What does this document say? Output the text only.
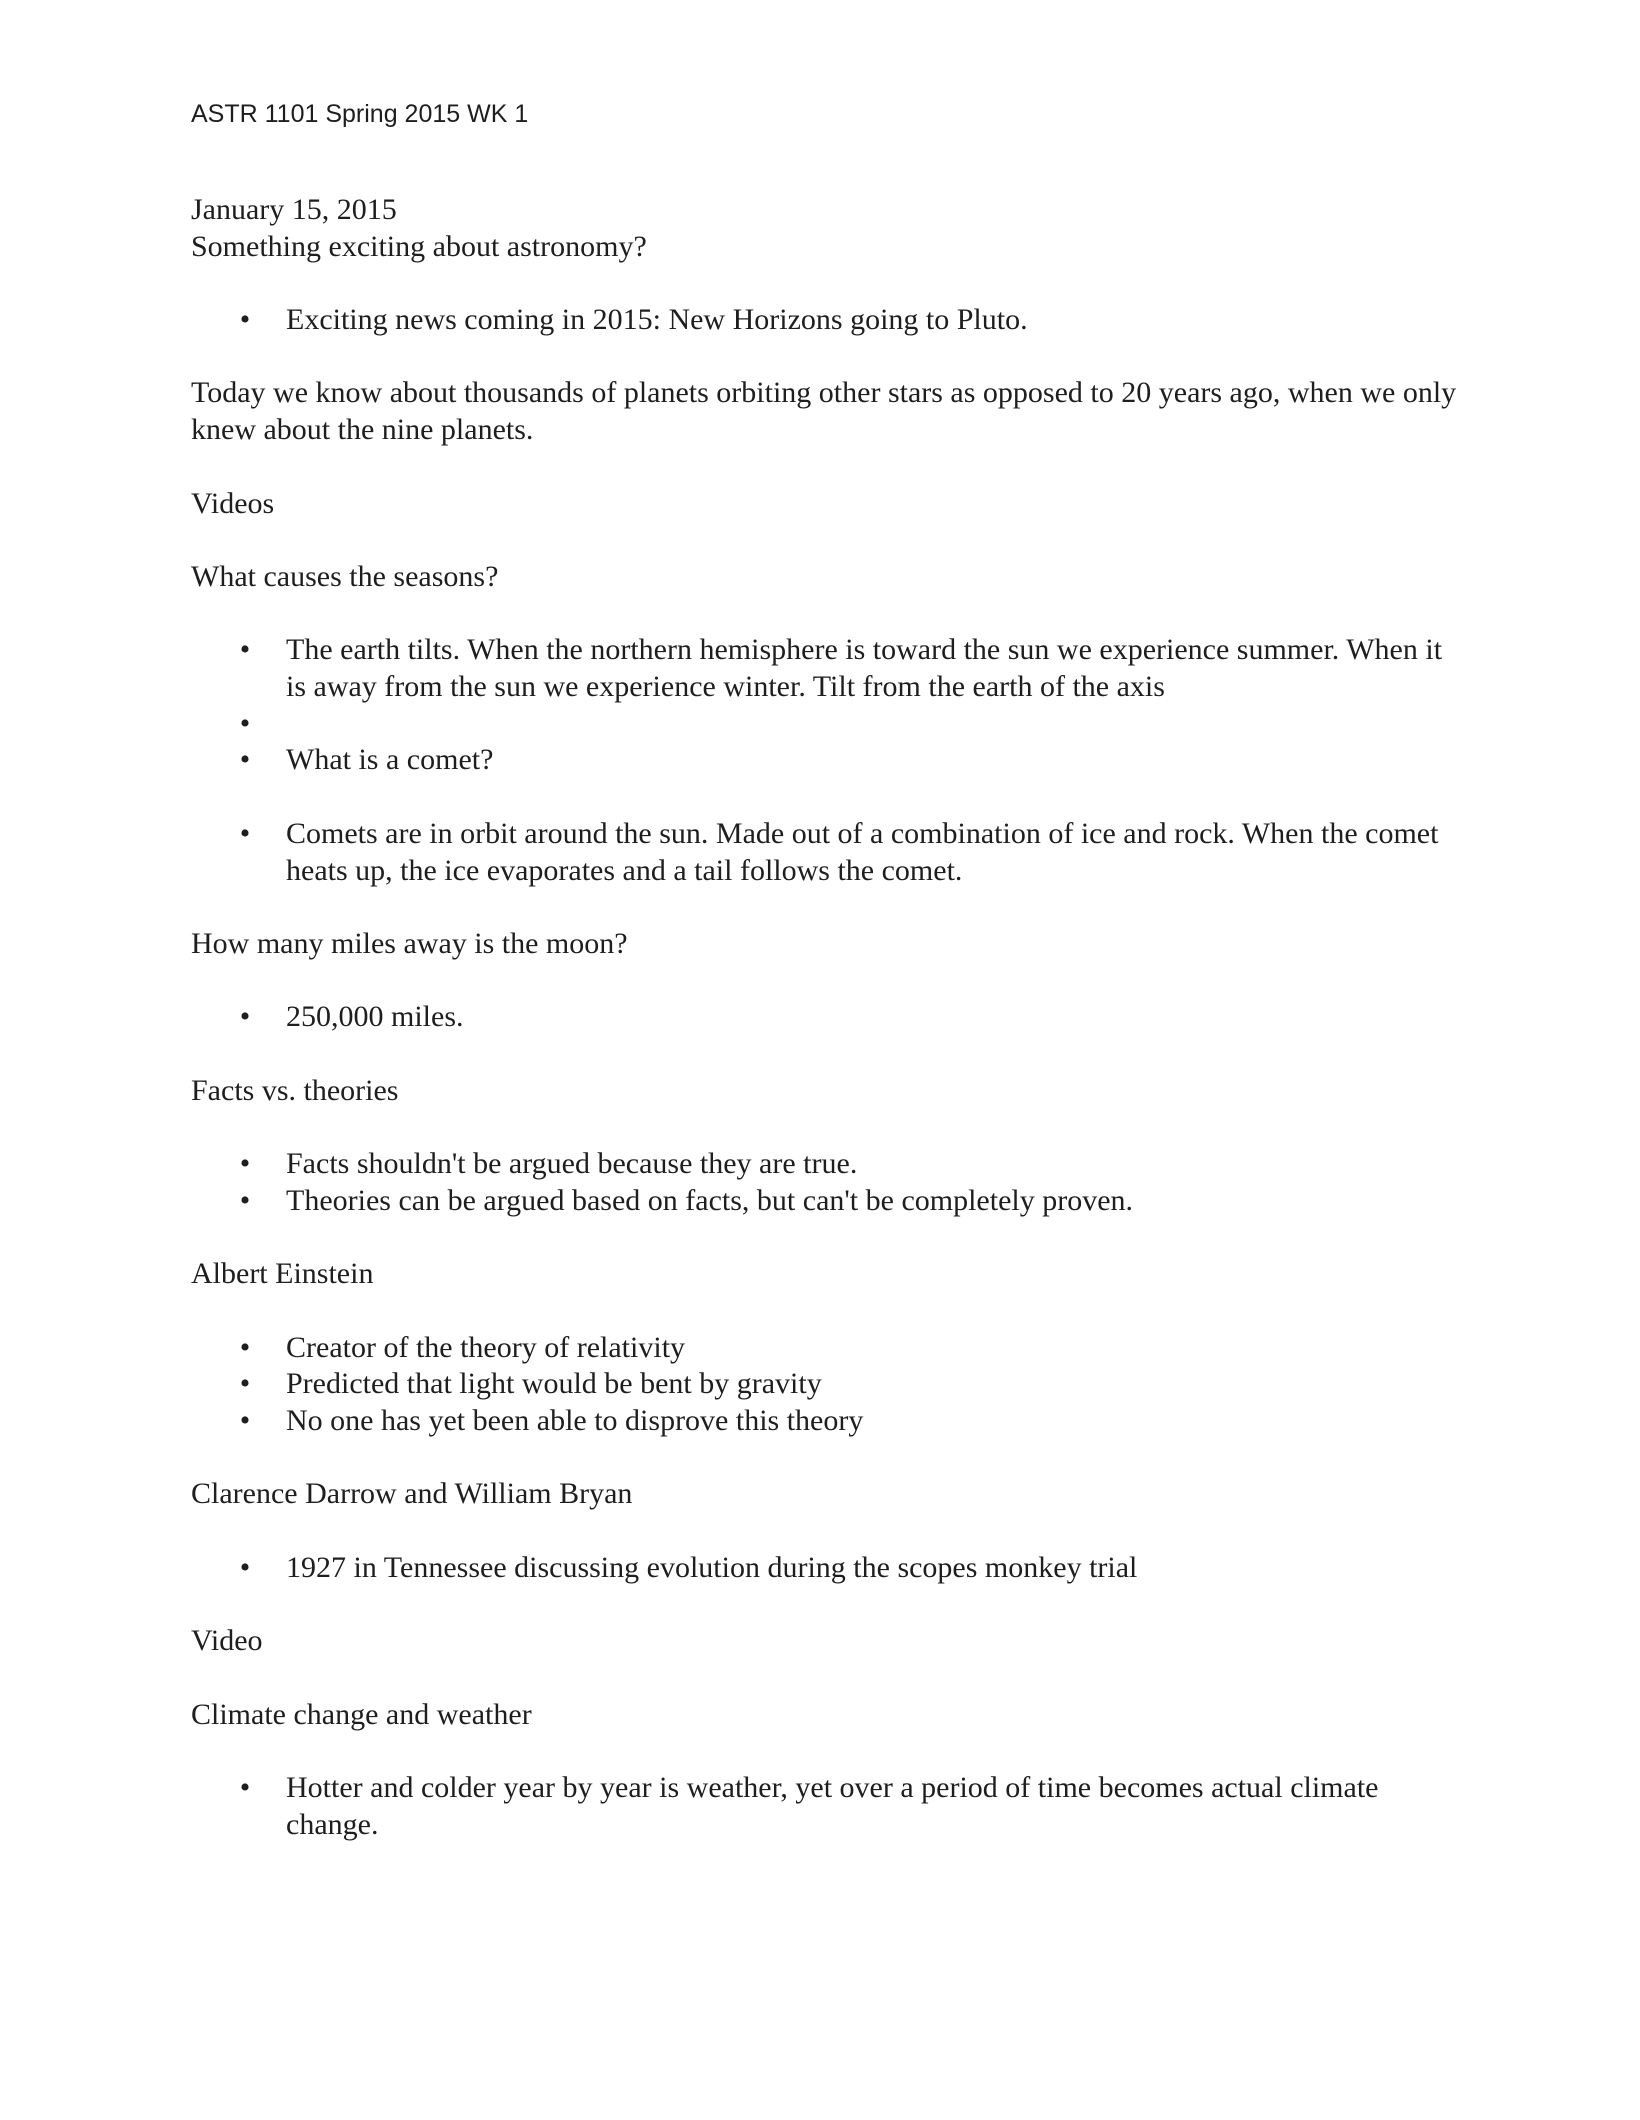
ASTR 1101 Spring 2015 WK 1

January 15, 2015

Something exciting about astronomy?

• Exciting news coming in 2015: New Horizons going to Pluto.

Today we know about thousands of planets orbiting other stars as opposed to 20 years ago, when we only knew about the nine planets.

Videos

What causes the seasons?

• The earth tilts. When the northern hemisphere is toward the sun we experience summer. When it is away from the sun we experience winter. Tilt from the earth of the axis
•
• What is a comet?
• Comets are in orbit around the sun. Made out of a combination of ice and rock. When the comet heats up, the ice evaporates and a tail follows the comet.

How many miles away is the moon?

• 250,000 miles.

Facts vs. theories

• Facts shouldn't be argued because they are true.
• Theories can be argued based on facts, but can't be completely proven.

Albert Einstein

• Creator of the theory of relativity
• Predicted that light would be bent by gravity
• No one has yet been able to disprove this theory

Clarence Darrow and William Bryan

• 1927 in Tennessee discussing evolution during the scopes monkey trial

Video

Climate change and weather

• Hotter and colder year by year is weather, yet over a period of time becomes actual climate change.
